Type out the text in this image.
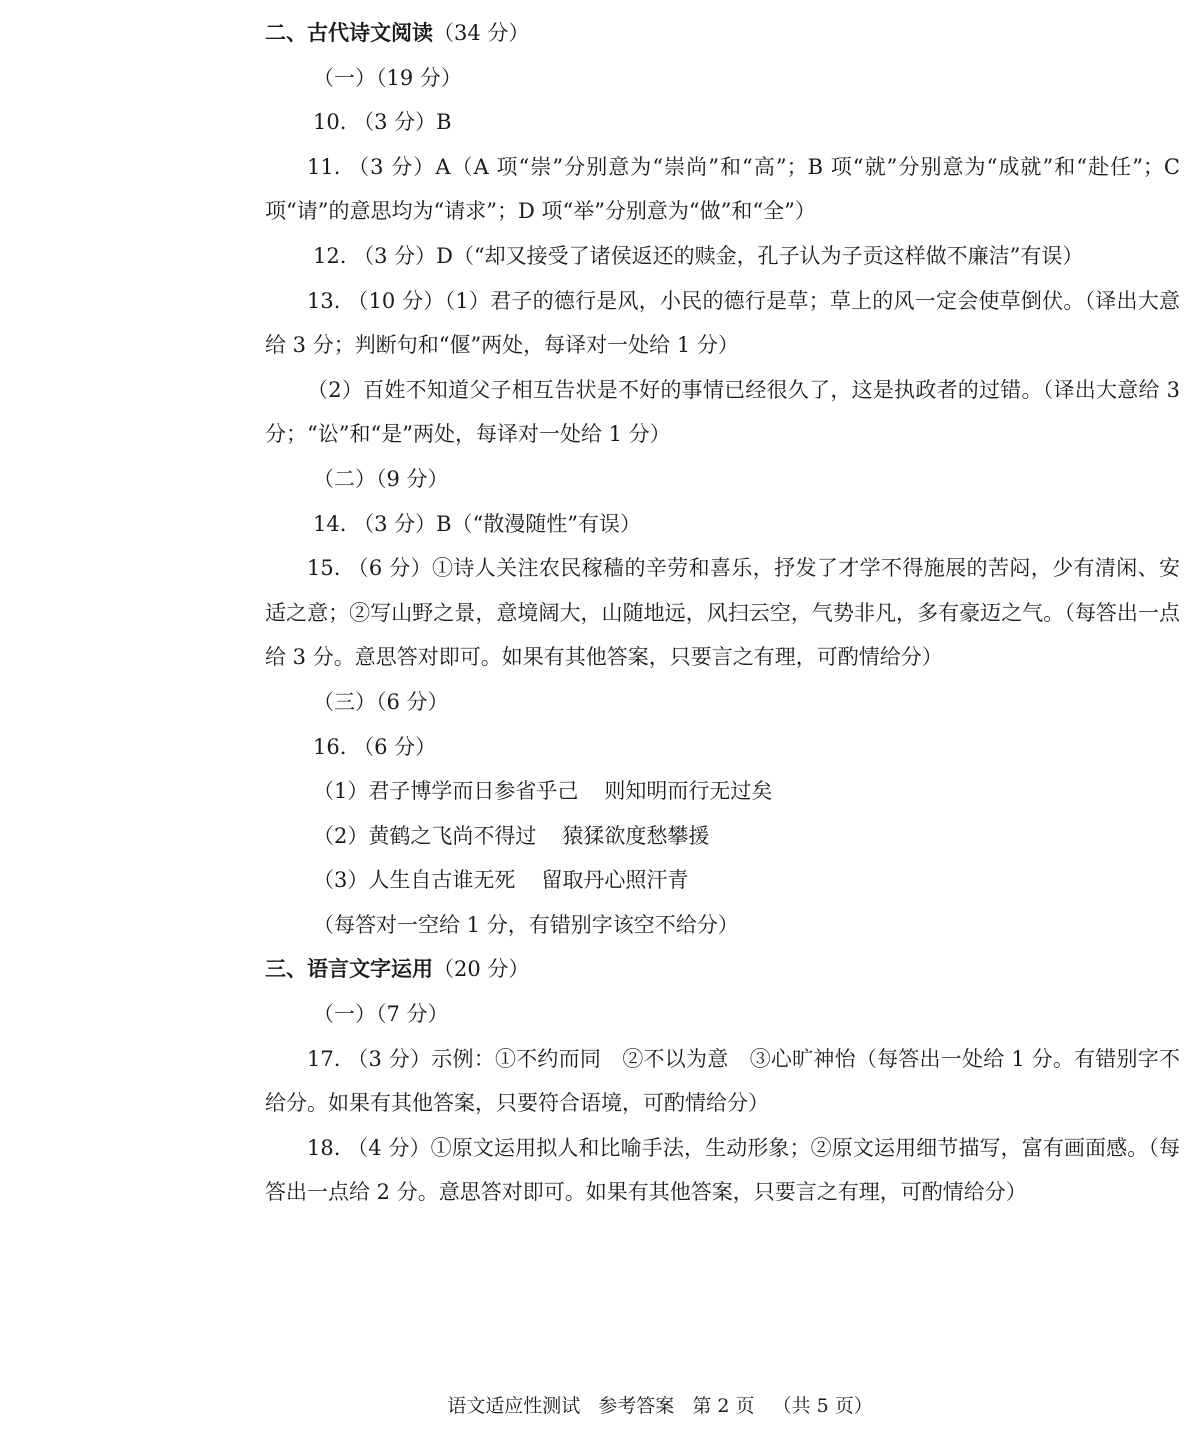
二、古代诗文阅读（34 分）
（一）（19 分）
10. （3 分）B

11. （3 分）A（A 项“崇”分别意为“崇尚”和“高”；B 项“就”分别意为“成就”和“赴任”；C 项“请”的意思均为“请求”；D 项“举”分别意为“做”和“全”）

12. （3 分）D（“却又接受了诸侯返还的赎金，孔子认为子贡这样做不廉洁”有误）

13. （10 分）（1）君子的德行是风，小民的德行是草；草上的风一定会使草倒伏。（译出大意给 3 分；判断句和“偃”两处，每译对一处给 1 分）

（2）百姓不知道父子相互告状是不好的事情已经很久了，这是执政者的过错。（译出大意给 3 分；“讼”和“是”两处，每译对一处给 1 分）

（二）（9 分）
14. （3 分）B（“散漫随性”有误）

15. （6 分）①诗人关注农民稼穑的辛劳和喜乐，抒发了才学不得施展的苦闷，少有清闲、安适之意；②写山野之景，意境阔大，山随地远，风扫云空，气势非凡，多有豪迈之气。（每答出一点给 3 分。意思答对即可。如果有其他答案，只要言之有理，可酌情给分）

（三）（6 分）
16. （6 分）
（1）君子博学而日参省乎己 则知明而行无过矣
（2）黄鹤之飞尚不得过 猿猱欲度愁攀援
（3）人生自古谁无死 留取丹心照汗青
（每答对一空给 1 分，有错别字该空不给分）
三、语言文字运用（20 分）
（一）（7 分）

17. （3 分）示例：①不约而同　②不以为意　③心旷神怡（每答出一处给 1 分。有错别字不给分。如果有其他答案，只要符合语境，可酌情给分）

18. （4 分）①原文运用拟人和比喻手法，生动形象；②原文运用细节描写，富有画面感。（每答出一点给 2 分。意思答对即可。如果有其他答案，只要言之有理，可酌情给分）

语文适应性测试 参考答案 第 2 页 （共 5 页）
